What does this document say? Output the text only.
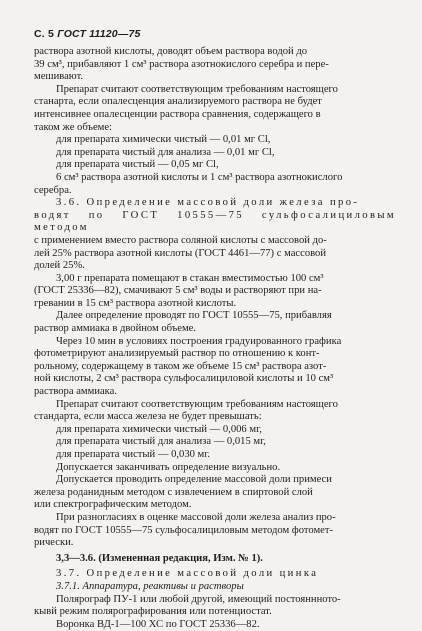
С. 5 ГОСТ 11120—75

раствора азотной кислоты, доводят объем раствора водой до

39 см³, прибавляют 1 см³ раствора азотнокислого серебра и пере-

мешивают.

Препарат считают соответствующим требованиям настоящего

станарта, если опалесценция анализируемого раствора не будет

интенсивнее опалесценции раствора сравнения, содержащего в

таком же объеме:

для препарата химически чистый — 0,01 мг Cl,

для препарата чистый для анализа — 0,01 мг Cl,

для препарата чистый — 0,05 мг Cl,

6 см³ раствора азотной кислоты и 1 см³ раствора азотнокислого

серебра.

3.6. Определение массовой доли железа про-

водят по ГОСТ 10555—75 сульфосалициловым методом

с применением вместо раствора соляной кислоты с массовой до-

лей 25% раствора азотной кислоты (ГОСТ 4461—77) с массовой

долей 25%.

3,00 г препарата помещают в стакан вместимостью 100 см³

(ГОСТ 25336—82), смачивают 5 см³ воды и растворяют при на-

гревании в 15 см³ раствора азотной кислоты.

Далее определение проводят по ГОСТ 10555—75, прибавляя

раствор аммиака в двойном объеме.

Через 10 мин в условиях построения градуированного графика

фотометрируют анализируемый раствор по отношению к конт-

рольному, содержащему в таком же объеме 15 см³ раствора азот-

ной кислоты, 2 см³ раствора сульфосалициловой кислоты и 10 см³

раствора аммиака.

Препарат считают соответствующим требованиям настоящего

стандарта, если масса железа не будет превышать:

для препарата химически чистый — 0,006 мг,

для препарата чистый для анализа — 0,015 мг,

для препарата чистый — 0,030 мг.

Допускается заканчивать определение визуально.

Допускается проводить определение массовой доли примеси

железа роданидным методом с извлечением в спиртовой слой

или спектрографическим методом.

При разногласиях в оценке массовой доли железа анализ про-

водят по ГОСТ 10555—75 сульфосалициловым методом фотомет-

рически.

3,3—3.6. (Измененная редакция, Изм. № 1).

3.7. Определение массовой доли цинка

3.7.1. Аппаратура, реактивы и растворы

Полярограф ПУ-1 или любой другой, имеющий постояннното-

кывй режим полярографирования или потенциостат.

Воронка ВД-1—100 ХС по ГОСТ 25336—82.
